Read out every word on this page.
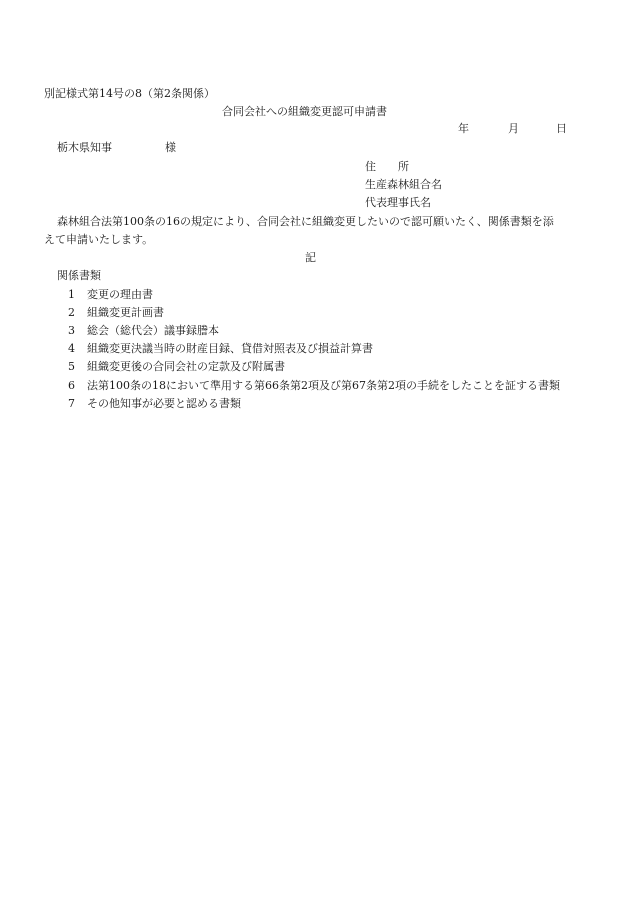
別記様式第14号の8（第2条関係）
合同会社への組織変更認可申請書
年	月	日
栃木県知事	様
住　　所
生産森林組合名
代表理事氏名
森林組合法第100条の16の規定により、合同会社に組織変更したいので認可願いたく、関係書類を添
えて申請いたします。
記
関係書類
1 変更の理由書
2 組織変更計画書
3 総会（総代会）議事録謄本
4 組織変更決議当時の財産目録、貸借対照表及び損益計算書
5 組織変更後の合同会社の定款及び附属書
6 法第100条の18において準用する第66条第2項及び第67条第2項の手続をしたことを証する書類
7 その他知事が必要と認める書類
